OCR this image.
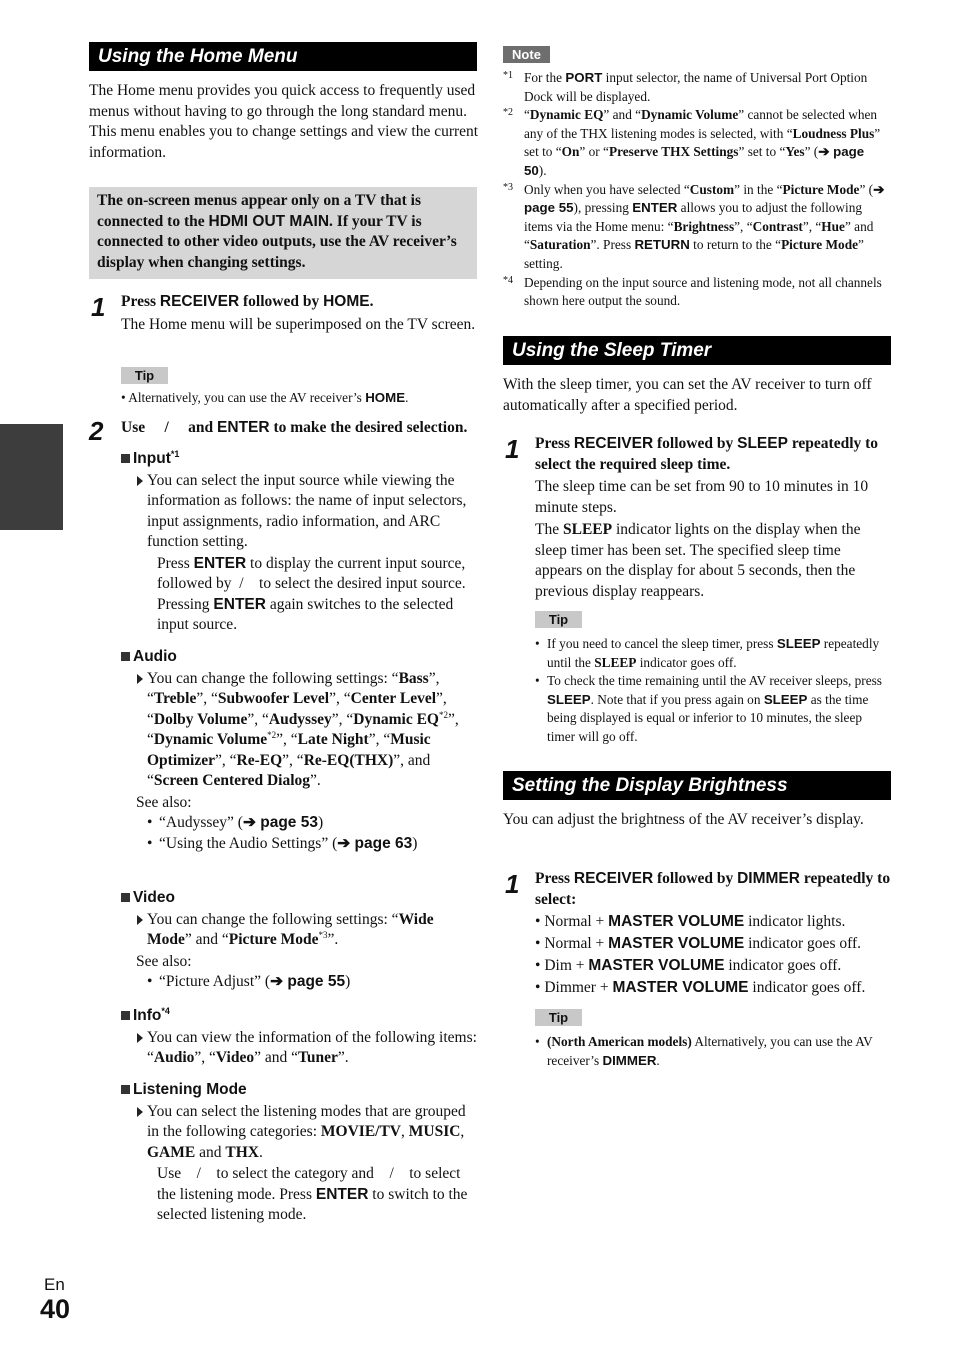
Using the Home Menu
The Home menu provides you quick access to frequently used menus without having to go through the long standard menu. This menu enables you to change settings and view the current information.
The on-screen menus appear only on a TV that is connected to the HDMI OUT MAIN. If your TV is connected to other video outputs, use the AV receiver’s display when changing settings.
1 Press RECEIVER followed by HOME.
The Home menu will be superimposed on the TV screen.
Tip
• Alternatively, you can use the AV receiver’s HOME.
2 Use     /     and ENTER to make the desired selection.
Input$^{*1}$
You can select the input source while viewing the information as follows: the name of input selectors, input assignments, radio information, and ARC function setting.
Press ENTER to display the current input source, followed by  /    to select the desired input source. Pressing ENTER again switches to the selected input source.
Audio
You can change the following settings: “Bass”, “Treble”, “Subwoofer Level”, “Center Level”, “Dolby Volume”, “Audyssey”, “Dynamic EQ$^{*2}$”, “Dynamic Volume$^{*2}$”, “Late Night”, “Music Optimizer”, “Re-EQ”, “Re-EQ(THX)”, and “Screen Centered Dialog”.
See also:
• “Audyssey” (➔ page 53)
• “Using the Audio Settings” (➔ page 63)
Video
You can change the following settings: “Wide Mode” and “Picture Mode$^{*3}$”.
See also:
• “Picture Adjust” (➔ page 55)
Info$^{*4}$
You can view the information of the following items: “Audio”, “Video” and “Tuner”.
Listening Mode
You can select the listening modes that are grouped in the following categories: MOVIE/TV, MUSIC, GAME and THX.
Use    /    to select the category and    /    to select the listening mode. Press ENTER to switch to the selected listening mode.
Note
*1 For the PORT input selector, the name of Universal Port Option Dock will be displayed.
*2 “Dynamic EQ” and “Dynamic Volume” cannot be selected when any of the THX listening modes is selected, with “Loudness Plus” set to “On” or “Preserve THX Settings” set to “Yes” (➔ page 50).
*3 Only when you have selected “Custom” in the “Picture Mode” (➔ page 55), pressing ENTER allows you to adjust the following items via the Home menu: “Brightness”, “Contrast”, “Hue” and “Saturation”. Press RETURN to return to the “Picture Mode” setting.
*4 Depending on the input source and listening mode, not all channels shown here output the sound.
Using the Sleep Timer
With the sleep timer, you can set the AV receiver to turn off automatically after a specified period.
1 Press RECEIVER followed by SLEEP repeatedly to select the required sleep time.
The sleep time can be set from 90 to 10 minutes in 10 minute steps.
The SLEEP indicator lights on the display when the sleep timer has been set. The specified sleep time appears on the display for about 5 seconds, then the previous display reappears.
Tip
• If you need to cancel the sleep timer, press SLEEP repeatedly until the SLEEP indicator goes off.
• To check the time remaining until the AV receiver sleeps, press SLEEP. Note that if you press again on SLEEP as the time being displayed is equal or inferior to 10 minutes, the sleep timer will go off.
Setting the Display Brightness
You can adjust the brightness of the AV receiver’s display.
1 Press RECEIVER followed by DIMMER repeatedly to select:
• Normal + MASTER VOLUME indicator lights.
• Normal + MASTER VOLUME indicator goes off.
• Dim + MASTER VOLUME indicator goes off.
• Dimmer + MASTER VOLUME indicator goes off.
Tip
• (North American models) Alternatively, you can use the AV receiver’s DIMMER.
En
40
